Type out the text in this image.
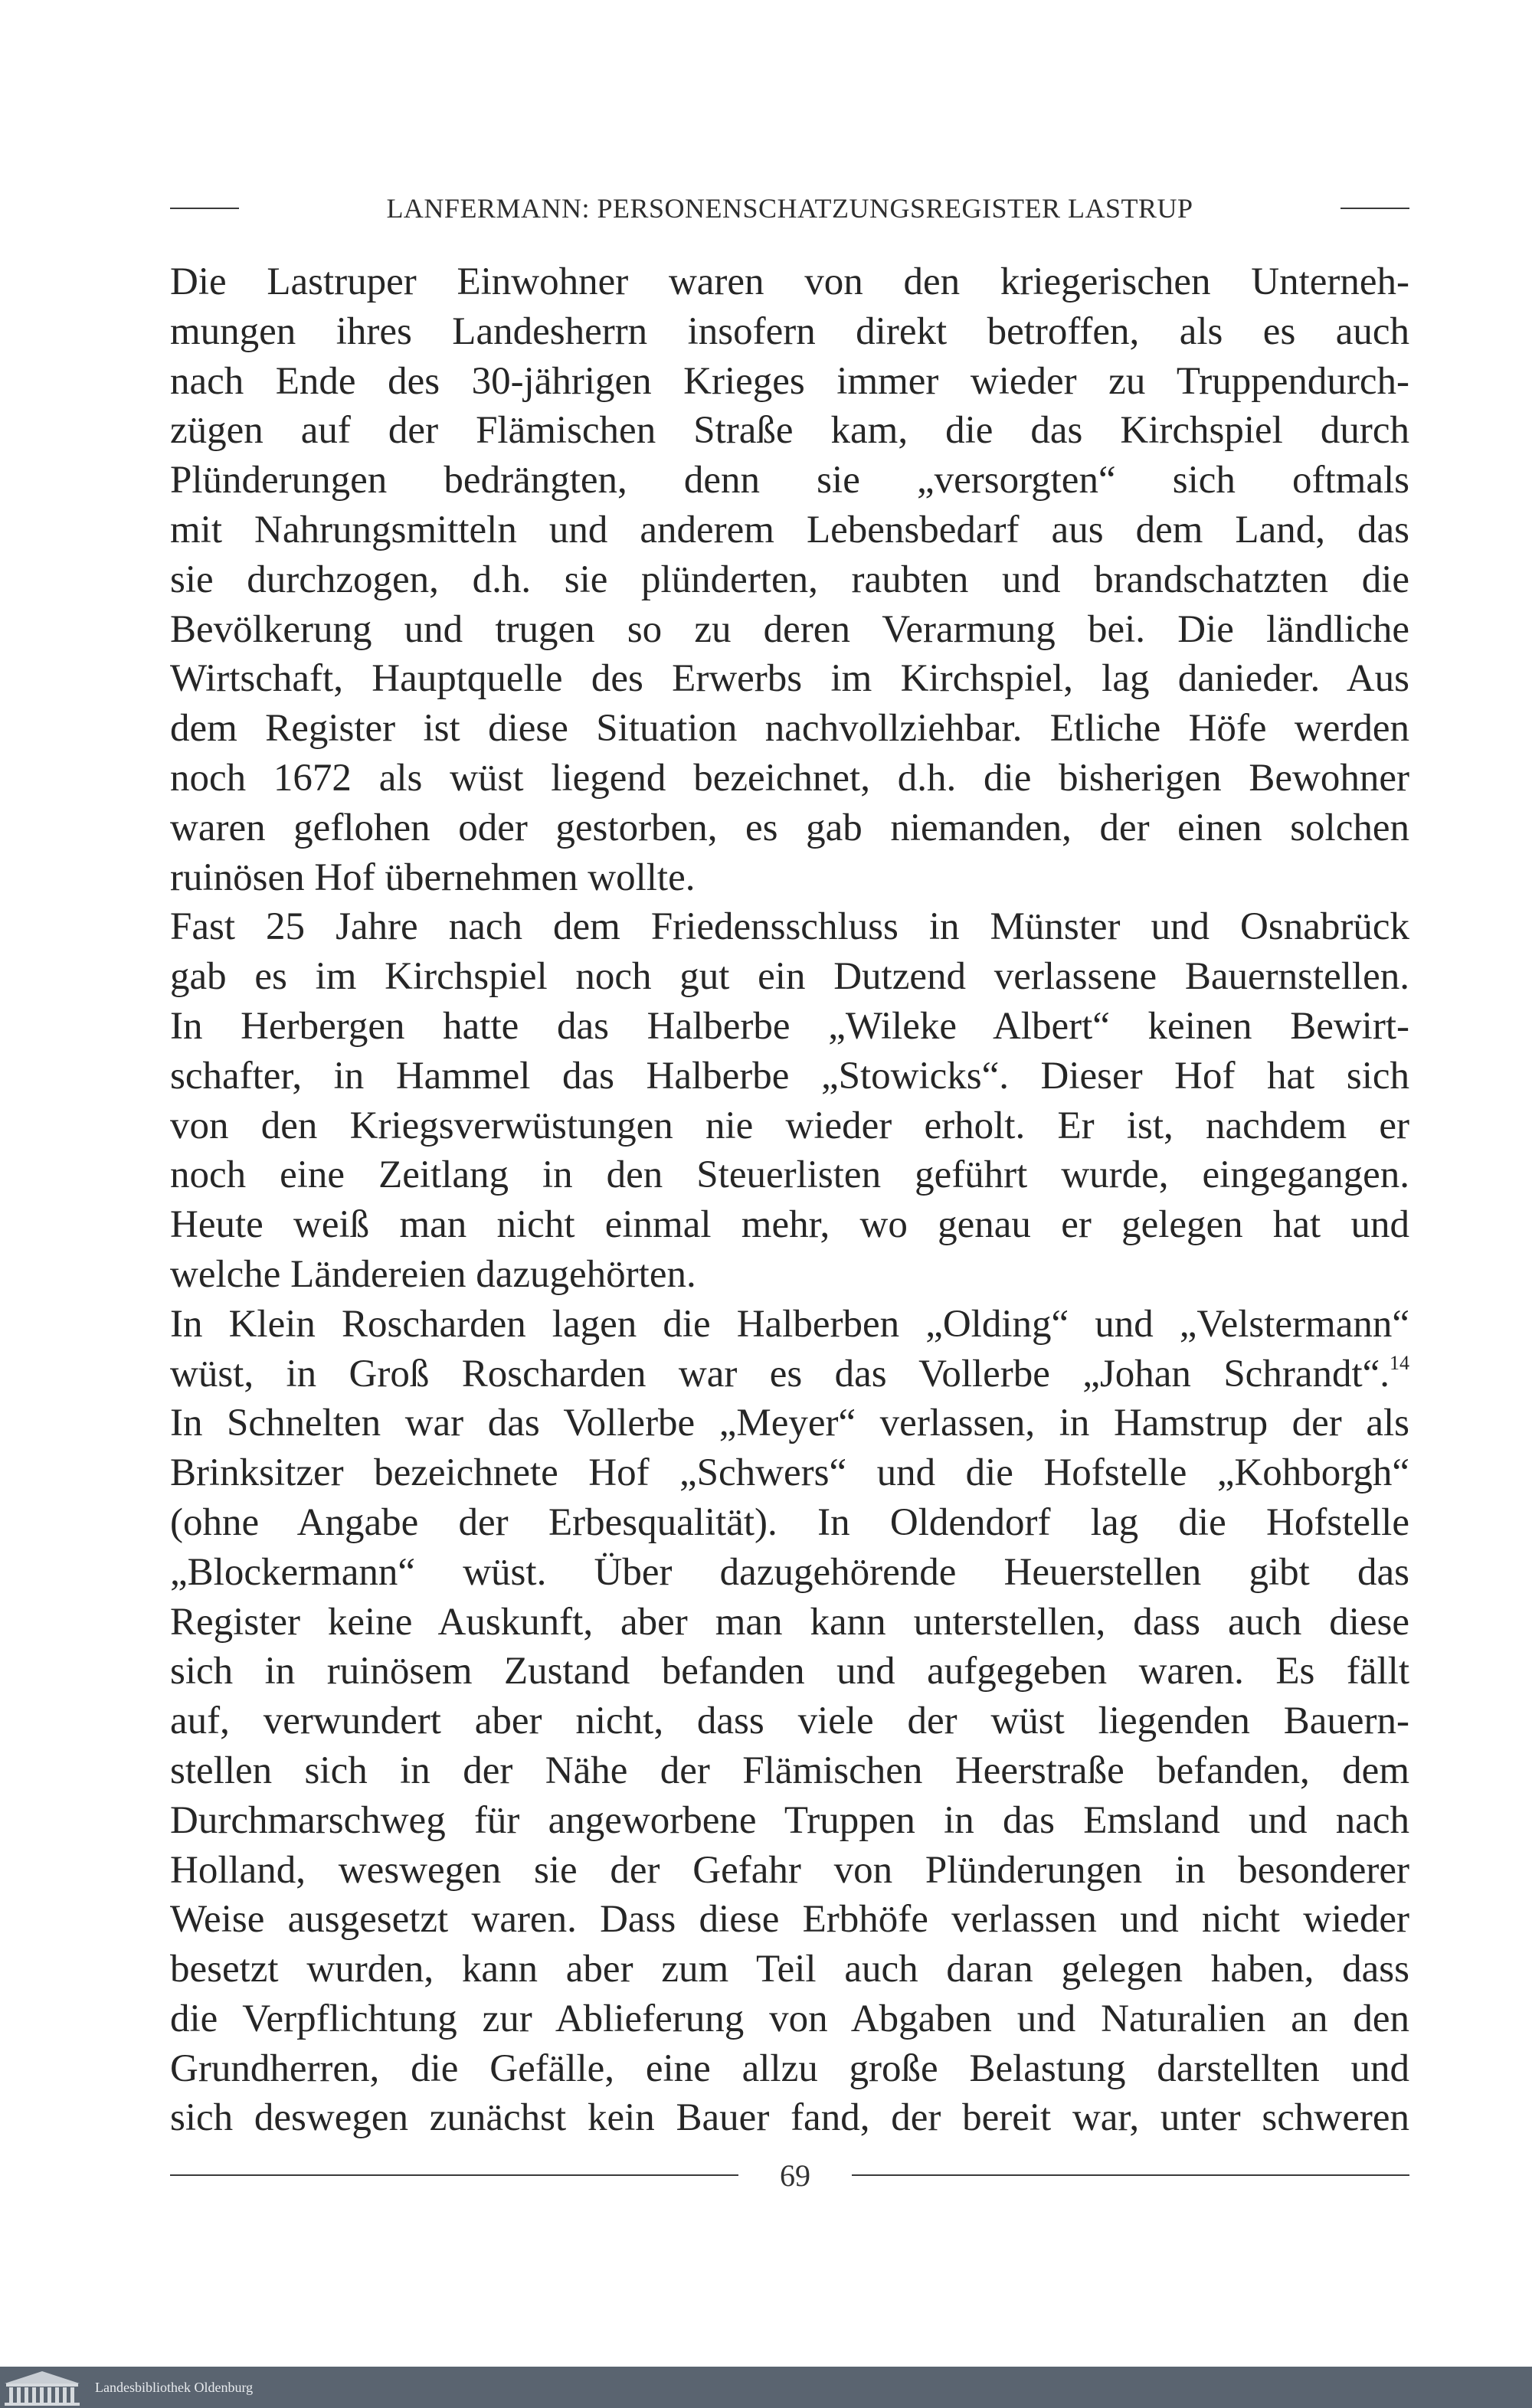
LANFERMANN: PERSONENSCHATZUNGSREGISTER LASTRUP

Die Lastruper Einwohner waren von den kriegerischen Unterneh-
mungen ihres Landesherrn insofern direkt betroffen, als es auch
nach Ende des 30-jährigen Krieges immer wieder zu Truppendurch-
zügen auf der Flämischen Straße kam, die das Kirchspiel durch
Plünderungen bedrängten, denn sie „versorgten“ sich oftmals
mit Nahrungsmitteln und anderem Lebensbedarf aus dem Land, das
sie durchzogen, d.h. sie plünderten, raubten und brandschatzten die
Bevölkerung und trugen so zu deren Verarmung bei. Die ländliche
Wirtschaft, Hauptquelle des Erwerbs im Kirchspiel, lag danieder. Aus
dem Register ist diese Situation nachvollziehbar. Etliche Höfe werden
noch 1672 als wüst liegend bezeichnet, d.h. die bisherigen Bewohner
waren geflohen oder gestorben, es gab niemanden, der einen solchen
ruinösen Hof übernehmen wollte.

Fast 25 Jahre nach dem Friedensschluss in Münster und Osnabrück
gab es im Kirchspiel noch gut ein Dutzend verlassene Bauernstellen.
In Herbergen hatte das Halberbe „Wileke Albert“ keinen Bewirt-
schafter, in Hammel das Halberbe „Stowicks“. Dieser Hof hat sich
von den Kriegsverwüstungen nie wieder erholt. Er ist, nachdem er
noch eine Zeitlang in den Steuerlisten geführt wurde, eingegangen.
Heute weiß man nicht einmal mehr, wo genau er gelegen hat und
welche Ländereien dazugehörten.

In Klein Roscharden lagen die Halberben „Olding“ und „Velstermann“
wüst, in Groß Roscharden war es das Vollerbe „Johan Schrandt“.$^{14}$
In Schnelten war das Vollerbe „Meyer“ verlassen, in Hamstrup der als
Brinksitzer bezeichnete Hof „Schwers“ und die Hofstelle „Kohborgh“
(ohne Angabe der Erbesqualität). In Oldendorf lag die Hofstelle
„Blockermann“ wüst. Über dazugehörende Heuerstellen gibt das
Register keine Auskunft, aber man kann unterstellen, dass auch diese
sich in ruinösem Zustand befanden und aufgegeben waren. Es fällt
auf, verwundert aber nicht, dass viele der wüst liegenden Bauern-
stellen sich in der Nähe der Flämischen Heerstraße befanden, dem
Durchmarschweg für angeworbene Truppen in das Emsland und nach
Holland, weswegen sie der Gefahr von Plünderungen in besonderer
Weise ausgesetzt waren. Dass diese Erbhöfe verlassen und nicht wieder
besetzt wurden, kann aber zum Teil auch daran gelegen haben, dass
die Verpflichtung zur Ablieferung von Abgaben und Naturalien an den
Grundherren, die Gefälle, eine allzu große Belastung darstellten und
sich deswegen zunächst kein Bauer fand, der bereit war, unter schweren

69
Landesbibliothek Oldenburg
